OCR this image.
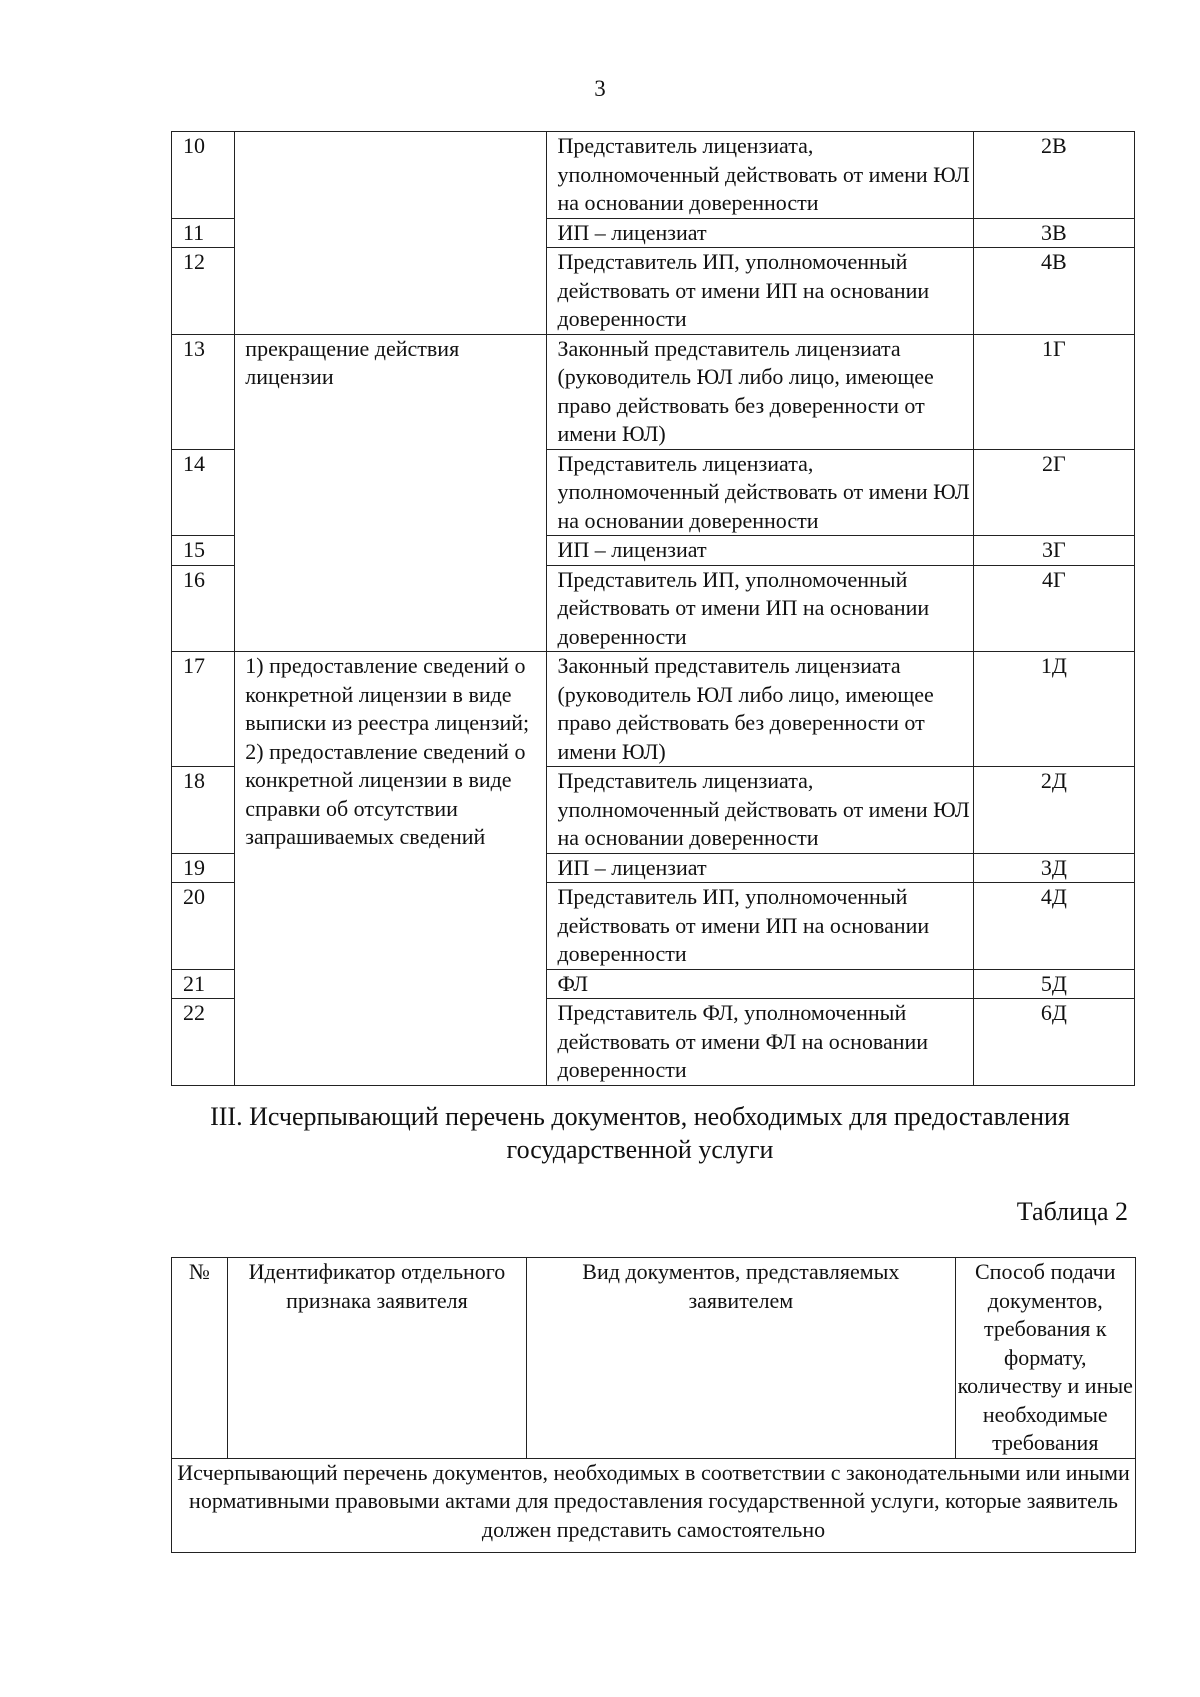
3
10		Представитель лицензиата, уполномоченный действовать от имени ЮЛ на основании доверенности	2В
11		ИП – лицензиат	3В
12		Представитель ИП, уполномоченный действовать от имени ИП на основании доверенности	4В
13	прекращение действия лицензии	Законный представитель лицензиата (руководитель ЮЛ либо лицо, имеющее право действовать без доверенности от имени ЮЛ)	1Г
14		Представитель лицензиата, уполномоченный действовать от имени ЮЛ на основании доверенности	2Г
15		ИП – лицензиат	3Г
16		Представитель ИП, уполномоченный действовать от имени ИП на основании доверенности	4Г
17	1) предоставление сведений о конкретной лицензии в виде выписки из реестра лицензий; 2) предоставление сведений о конкретной лицензии в виде справки об отсутствии запрашиваемых сведений	Законный представитель лицензиата (руководитель ЮЛ либо лицо, имеющее право действовать без доверенности от имени ЮЛ)	1Д
18		Представитель лицензиата, уполномоченный действовать от имени ЮЛ на основании доверенности	2Д
19		ИП – лицензиат	3Д
20		Представитель ИП, уполномоченный действовать от имени ИП на основании доверенности	4Д
21		ФЛ	5Д
22		Представитель ФЛ, уполномоченный действовать от имени ФЛ на основании доверенности	6Д
III. Исчерпывающий перечень документов, необходимых для предоставления государственной услуги
Таблица 2
№	Идентификатор отдельного признака заявителя	Вид документов, представляемых заявителем	Способ подачи документов, требования к формату, количеству и иные необходимые требования
Исчерпывающий перечень документов, необходимых в соответствии с законодательными или иными нормативными правовыми актами для предоставления государственной услуги, которые заявитель должен представить самостоятельно
